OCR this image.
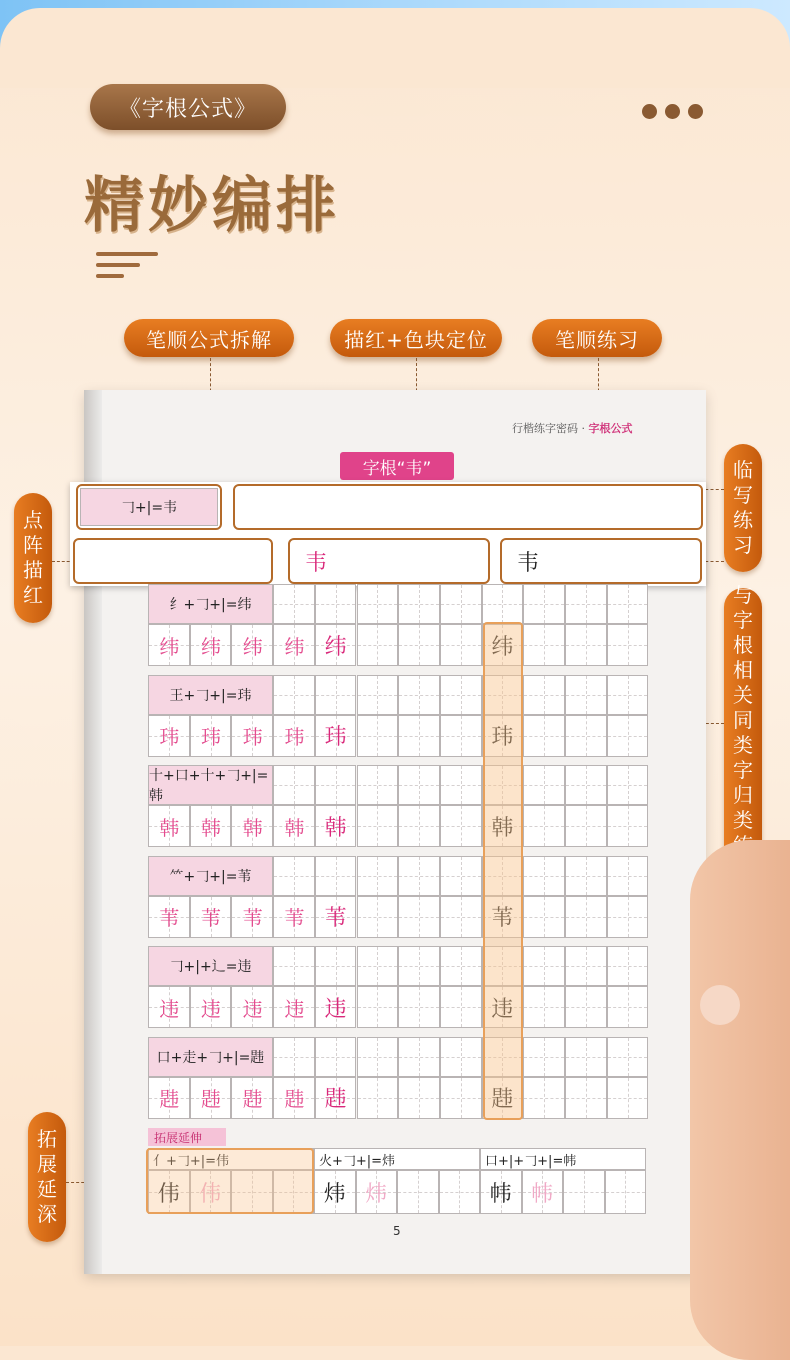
《字根公式》
精妙编排
笔顺公式拆解	描红+色块定位	笔顺练习
点阵描红
拓展延深
临写练习
与字根相关同类字归类
行楷练字密码 · 字根公式
字根“韦”
𠃌+|=韦
韦	韦
纟+𠃌+|=纬
纬	纬	纬	纬 纬	纬
王+𠃌+|=玮
玮	玮	玮	玮 玮	玮
十+口+十+𠃌+|=韩
韩	韩	韩	韩 韩	韩
⺮+𠃌+|=苇
苇	苇	苇	苇 苇	苇
𠃌+|+辶=违
违	违	违	违 违	违
口+走+𠃌+|=韪
韪	韪	韪	韪 韪	韪
拓展延伸
亻+𠃌+|=伟
伟 伟
火+𠃌+|=炜
炜 炜
口+|+𠃌+|=帏
帏 帏
5
